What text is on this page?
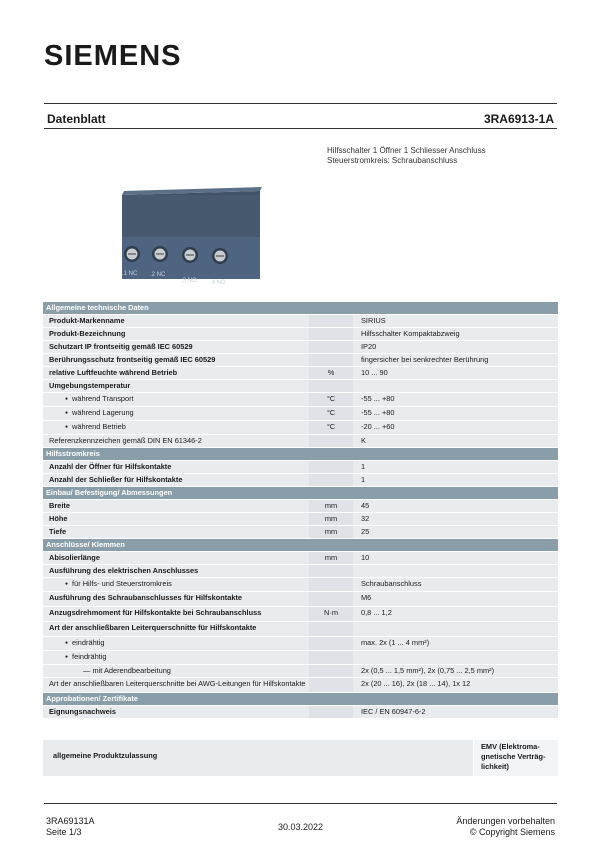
SIEMENS
Datenblatt	3RA6913-1A
Hilfsschalter 1 Öffner 1 Schliesser Anschluss
Steuerstromkreis: Schraubanschluss
.1 NC .2 NC
.3 NO .4 NO
Allgemeine technische Daten		
Produkt-Markenname		SIRIUS
Produkt-Bezeichnung		Hilfsschalter Kompaktabzweig
Schutzart IP frontseitig gemäß IEC 60529		IP20
Berührungsschutz frontseitig gemäß IEC 60529		fingersicher bei senkrechter Berührung
relative Luftfeuchte während Betrieb	%	10 ... 90
Umgebungstemperatur		
● während Transport	°C	-55 ... +80
● während Lagerung	°C	-55 ... +80
● während Betrieb	°C	-20 ... +60
Referenzkennzeichen gemäß DIN EN 61346-2		K
Hilfsstromkreis		
Anzahl der Öffner für Hilfskontakte		1
Anzahl der Schließer für Hilfskontakte		1
Einbau/ Befestigung/ Abmessungen		
Breite	mm	45
Höhe	mm	32
Tiefe	mm	25
Anschlüsse/ Klemmen		
Abisolierlänge	mm	10
Ausführung des elektrischen Anschlusses		
● für Hilfs- und Steuerstromkreis		Schraubanschluss
Ausführung des Schraubanschlusses für Hilfskontakte		M6
Anzugsdrehmoment für Hilfskontakte bei Schraubanschluss	N·m	0,8 ... 1,2
Art der anschließbaren Leiterquerschnitte für Hilfskontakte		
● eindrähtig		max. 2x (1 ... 4 mm²)
● feindrähtig		
— mit Aderendbearbeitung		2x (0,5 ... 1,5 mm²), 2x (0,75 ... 2,5 mm²)
Art der anschließbaren Leiterquerschnitte bei AWG-Leitungen für Hilfskontakte		2x (20 ... 16), 2x (18 ... 14), 1x 12
Approbationen/ Zertifikate		
Eignungsnachweis		IEC / EN 60947-6-2
allgemeine Produktzulassung
EMV (Elektroma-gnetische Verträg-lichkeit)
3RA69131A
Seite 1/3	30.03.2022
Änderungen vorbehalten
© Copyright Siemens
